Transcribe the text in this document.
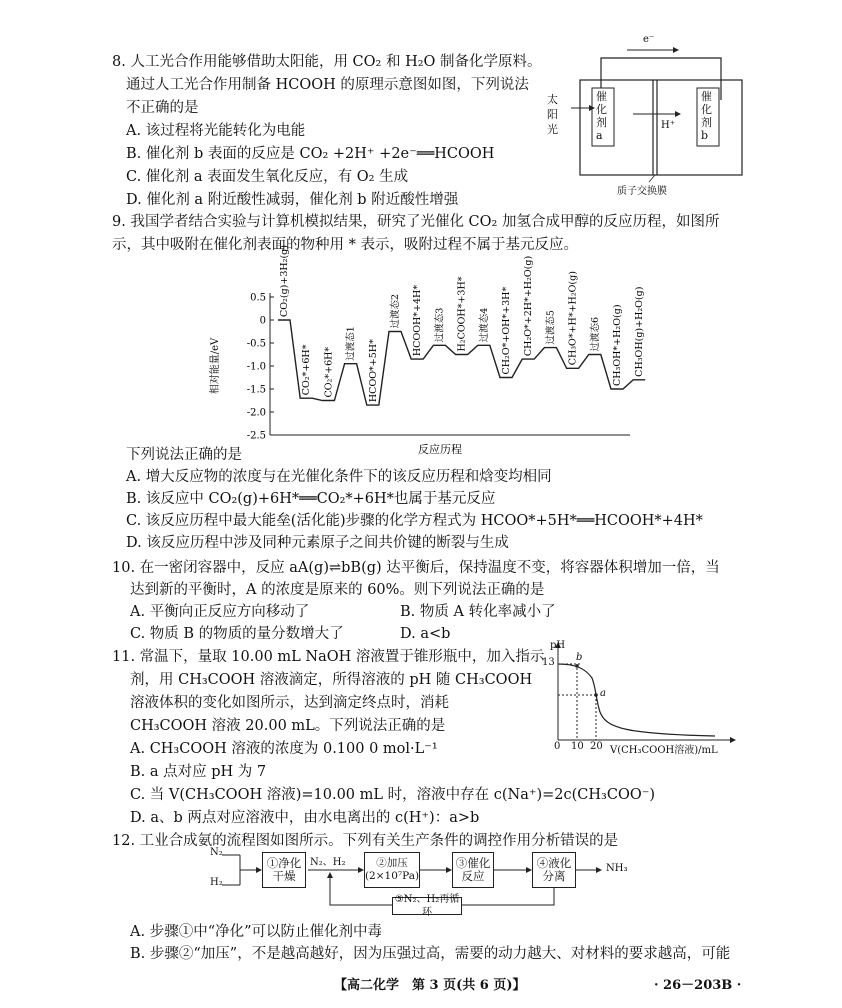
8. 人工光合作用能够借助太阳能，用 CO₂ 和 H₂O 制备化学原料。
通过人工光合作用制备 HCOOH 的原理示意图如图，下列说法
不正确的是
A. 该过程将光能转化为电能
B. 催化剂 b 表面的反应是 CO₂ +2H⁺ +2e⁻══HCOOH
C. 催化剂 a 表面发生氧化反应，有 O₂ 生成
D. 催化剂 a 附近酸性减弱，催化剂 b 附近酸性增强
e⁻
太阳光
催化剂a
催化剂b
H⁺
质子交换膜
9. 我国学者结合实验与计算机模拟结果，研究了光催化 CO₂ 加氢合成甲醇的反应历程，如图所
示，其中吸附在催化剂表面的物种用 * 表示，吸附过程不属于基元反应。
0.5
0
-0.5
-1.0
-1.5
-2.0
-2.5
相对能量/eV
反应历程
CO₂(g)+3H₂(g)
CO₂*+6H* CO₂*+6H*
过渡态1 HCOO*+5H*
过渡态2 HCOOH*+4H* 过渡态3 H₂COOH*+3H* 过渡态4 CH₂O*+OH*+3H* CH₂O*+2H*+H₂O(g) 过渡态5 CH₃O*+H*+H₂O(g) 过渡态6 CH₃OH*+H₂O(g) CH₃OH(g)+H₂O(g)
下列说法正确的是
A. 增大反应物的浓度与在光催化条件下的该反应历程和焓变均相同
B. 该反应中 CO₂(g)+6H*══CO₂*+6H*也属于基元反应
C. 该反应历程中最大能垒(活化能)步骤的化学方程式为 HCOO*+5H*══HCOOH*+4H*
D. 该反应历程中涉及同种元素原子之间共价键的断裂与生成
10. 在一密闭容器中，反应 aA(g)⇌bB(g) 达平衡后，保持温度不变，将容器体积增加一倍，当
达到新的平衡时，A 的浓度是原来的 60%。则下列说法正确的是
A. 平衡向正反应方向移动了	B. 物质 A 转化率减小了
C. 物质 B 的物质的量分数增大了	D. a<b
11. 常温下，量取 10.00 mL NaOH 溶液置于锥形瓶中，加入指示
剂，用 CH₃COOH 溶液滴定，所得溶液的 pH 随 CH₃COOH
溶液体积的变化如图所示，达到滴定终点时，消耗
CH₃COOH 溶液 20.00 mL。下列说法正确的是
A. CH₃COOH 溶液的浓度为 0.100 0 mol·L⁻¹
B. a 点对应 pH 为 7
C. 当 V(CH₃COOH 溶液)=10.00 mL 时，溶液中存在 c(Na⁺)=2c(CH₃COO⁻)
D. a、b 两点对应溶液中，由水电离出的 c(H⁺)：a>b
pH
13 b
a
0 10 20 V(CH₃COOH溶液)/mL
12. 工业合成氨的流程图如图所示。下列有关生产条件的调控作用分析错误的是
N₂
H₂
①净化干燥
N₂、H₂	②加压(2×10⁷Pa)
③催化反应
④液化分离
NH₃
⑤N₂、H₂再循环
A. 步骤①中“净化”可以防止催化剂中毒
B. 步骤②“加压”，不是越高越好，因为压强过高，需要的动力越大、对材料的要求越高，可能
【高二化学　第 3 页(共 6 页)】	· 26－203B ·
